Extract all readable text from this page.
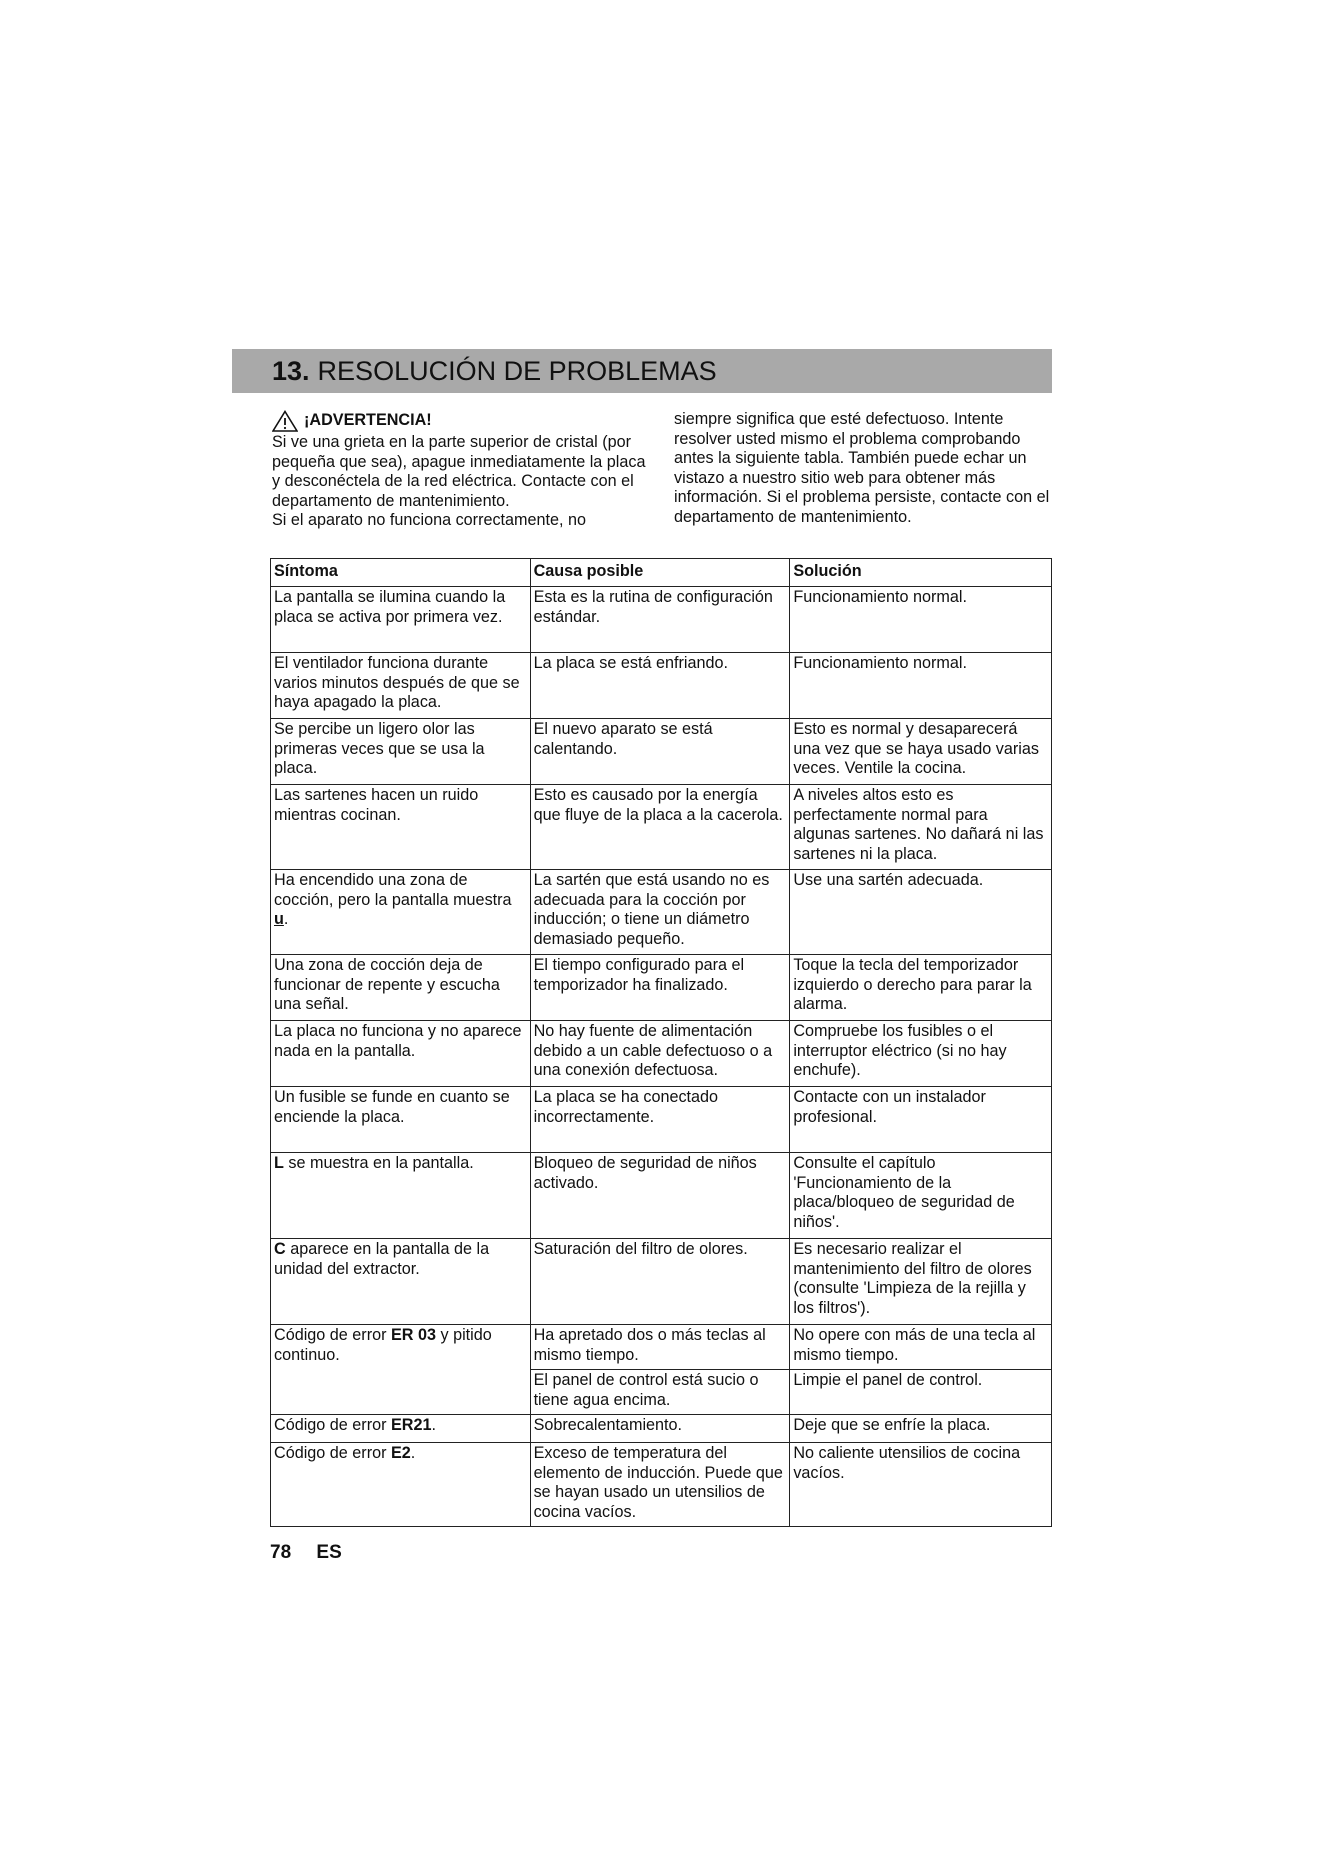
13. RESOLUCIÓN DE PROBLEMAS
¡ADVERTENCIA!

Si ve una grieta en la parte superior de cristal (por pequeña que sea), apague inmediatamente la placa y desconéctela de la red eléctrica. Contacte con el departamento de mantenimiento.

Si el aparato no funciona correctamente, no

siempre significa que esté defectuoso. Intente resolver usted mismo el problema comprobando antes la siguiente tabla. También puede echar un vistazo a nuestro sitio web para obtener más información. Si el problema persiste, contacte con el departamento de mantenimiento.

Síntoma	Causa posible	Solución
La pantalla se ilumina cuando la placa se activa por primera vez.	Esta es la rutina de configuración estándar.	Funcionamiento normal.
El ventilador funciona durante varios minutos después de que se haya apagado la placa.	La placa se está enfriando.	Funcionamiento normal.
Se percibe un ligero olor las primeras veces que se usa la placa.	El nuevo aparato se está calentando.	Esto es normal y desaparecerá una vez que se haya usado varias veces. Ventile la cocina.
Las sartenes hacen un ruido mientras cocinan.	Esto es causado por la energía que fluye de la placa a la cacerola.	A niveles altos esto es perfectamente normal para algunas sartenes. No dañará ni las sartenes ni la placa.
Ha encendido una zona de cocción, pero la pantalla muestra u.	La sartén que está usando no es adecuada para la cocción por inducción; o tiene un diámetro demasiado pequeño.	Use una sartén adecuada.
Una zona de cocción deja de funcionar de repente y escucha una señal.	El tiempo configurado para el temporizador ha finalizado.	Toque la tecla del temporizador izquierdo o derecho para parar la alarma.
La placa no funciona y no aparece nada en la pantalla.	No hay fuente de alimentación debido a un cable defectuoso o a una conexión defectuosa.	Compruebe los fusibles o el interruptor eléctrico (si no hay enchufe).
Un fusible se funde en cuanto se enciende la placa.	La placa se ha conectado incorrectamente.	Contacte con un instalador profesional.
L se muestra en la pantalla.	Bloqueo de seguridad de niños activado.	Consulte el capítulo 'Funcionamiento de la placa/bloqueo de seguridad de niños'.
C aparece en la pantalla de la unidad del extractor.	Saturación del filtro de olores.	Es necesario realizar el mantenimiento del filtro de olores (consulte 'Limpieza de la rejilla y los filtros').
Código de error ER 03 y pitido continuo.	Ha apretado dos o más teclas al mismo tiempo.	No opere con más de una tecla al mismo tiempo.
	El panel de control está sucio o tiene agua encima.	Limpie el panel de control.
Código de error ER21.	Sobrecalentamiento.	Deje que se enfríe la placa.
Código de error E2.	Exceso de temperatura del elemento de inducción. Puede que se hayan usado un utensilios de cocina vacíos.	No caliente utensilios de cocina vacíos.
78 ES
